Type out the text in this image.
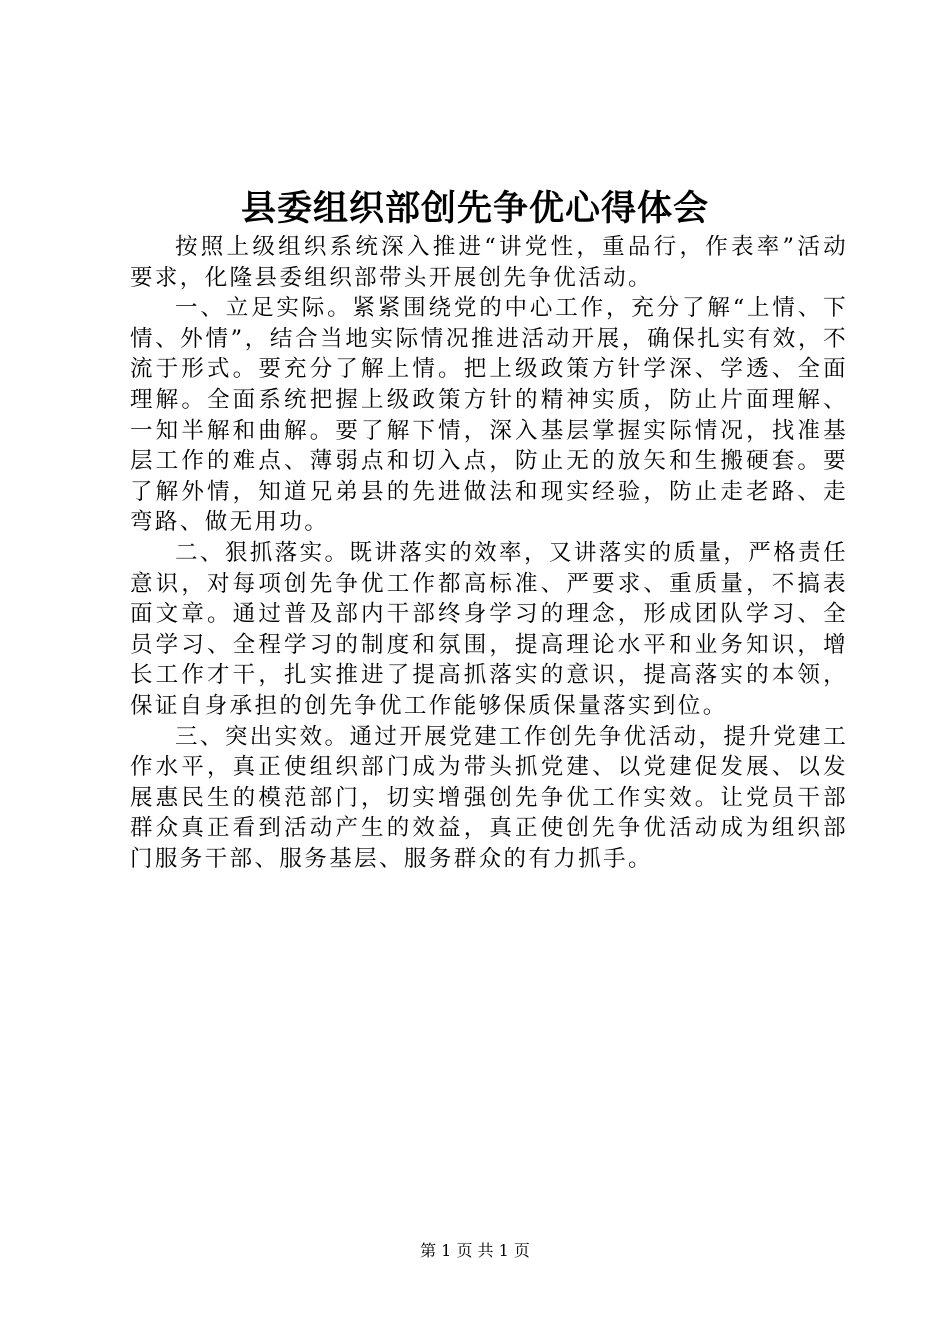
县委组织部创先争优心得体会

按照上级组织系统深入推进“讲党性，重品行，作表率”活动要求，化隆县委组织部带头开展创先争优活动。

一、立足实际。紧紧围绕党的中心工作，充分了解“上情、下情、外情”，结合当地实际情况推进活动开展，确保扎实有效，不流于形式。要充分了解上情。把上级政策方针学深、学透、全面理解。全面系统把握上级政策方针的精神实质，防止片面理解、一知半解和曲解。要了解下情，深入基层掌握实际情况，找准基层工作的难点、薄弱点和切入点，防止无的放矢和生搬硬套。要了解外情，知道兄弟县的先进做法和现实经验，防止走老路、走弯路、做无用功。

二、狠抓落实。既讲落实的效率，又讲落实的质量，严格责任意识，对每项创先争优工作都高标准、严要求、重质量，不搞表面文章。通过普及部内干部终身学习的理念，形成团队学习、全员学习、全程学习的制度和氛围，提高理论水平和业务知识，增长工作才干，扎实推进了提高抓落实的意识，提高落实的本领，保证自身承担的创先争优工作能够保质保量落实到位。

三、突出实效。通过开展党建工作创先争优活动，提升党建工作水平，真正使组织部门成为带头抓党建、以党建促发展、以发展惠民生的模范部门，切实增强创先争优工作实效。让党员干部群众真正看到活动产生的效益，真正使创先争优活动成为组织部门服务干部、服务基层、服务群众的有力抓手。

第 1 页 共 1 页
